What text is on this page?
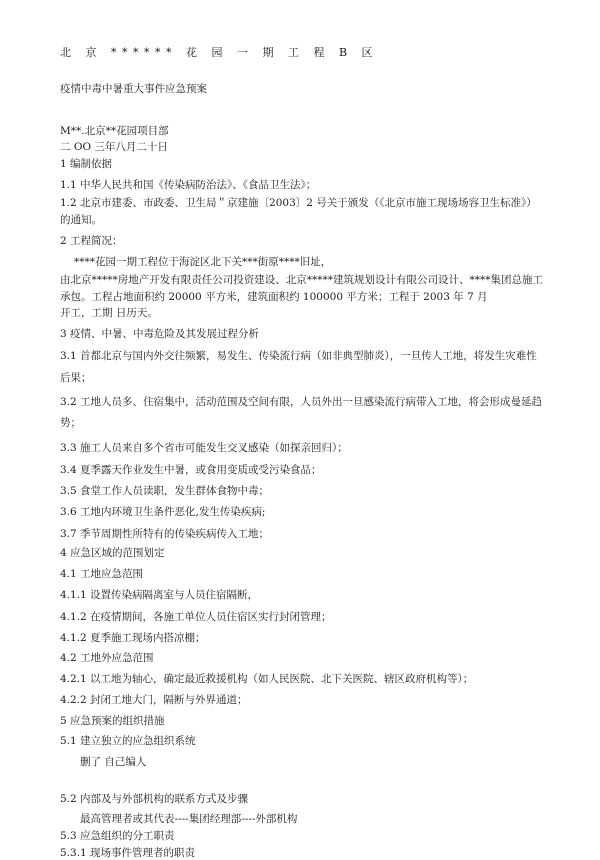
北 京 ****** 花 园 一 期 工 程 B 区
疫情中毒中暑重大事件应急预案
M**.北京**花园项目部
二 OO 三年八月二十日
1 编制依据
1.1 中华人民共和国《传染病防治法》、《食品卫生法》；
1.2 北京市建委、市政委、卫生局＂京建施〔2003〕2 号关于颁发（《北京市施工现场场容卫生标准》）
的通知。
2 工程简况：
****花园一期工程位于海淀区北下关***街原****旧址，
由北京*****房地产开发有限责任公司投资建设、北京*****建筑规划设计有限公司设计、****集团总施工
承包。工程占地面积约 20000 平方米，建筑面积约 100000 平方米；工程于 2003 年 7 月
开工，工期 日历天。
3 疫情、中暑、中毒危险及其发展过程分析
3.1 首都北京与国内外交往频繁，易发生、传染流行病（如非典型肺炎），一旦传人工地，将发生灾难性
后果；
3.2 工地人员多、住宿集中，活动范围及空间有限，人员外出一旦感染流行病带入工地，将会形成曼延趋
势；
3.3 施工人员来自多个省市可能发生交叉感染（如探亲回归）；
3.4 夏季露天作业发生中暑，或食用变质或受污染食品；
3.5 食堂工作人员读职，发生群体食物中毒；
3.6 工地内环境卫生条件恶化,发生传染疾病;
3.7 季节周期性所特有的传染疾病传入工地；
4 应急区域的范围划定
4.1 工地应急范围
4.1.1 设置传染病隔离室与人员住宿隔断，
4.1.2 在疫情期间，各施工单位人员住宿区实行封闭管理；
4.1.2 夏季施工现场内搭凉棚；
4.2 工地外应急范围
4.2.1 以工地为轴心，确定最近救援机构（如人民医院、北下关医院、辖区政府机构等）；
4.2.2 封闭工地大门，隔断与外界通道；
5 应急预案的组织措施
5.1 建立独立的应急组织系统
删了 自己编人
5.2 内部及与外部机构的联系方式及步骤
最高管理者或其代表----集团经理部----外部机构
5.3 应急组织的分工职责
5.3.1 现场事件管理者的职责
